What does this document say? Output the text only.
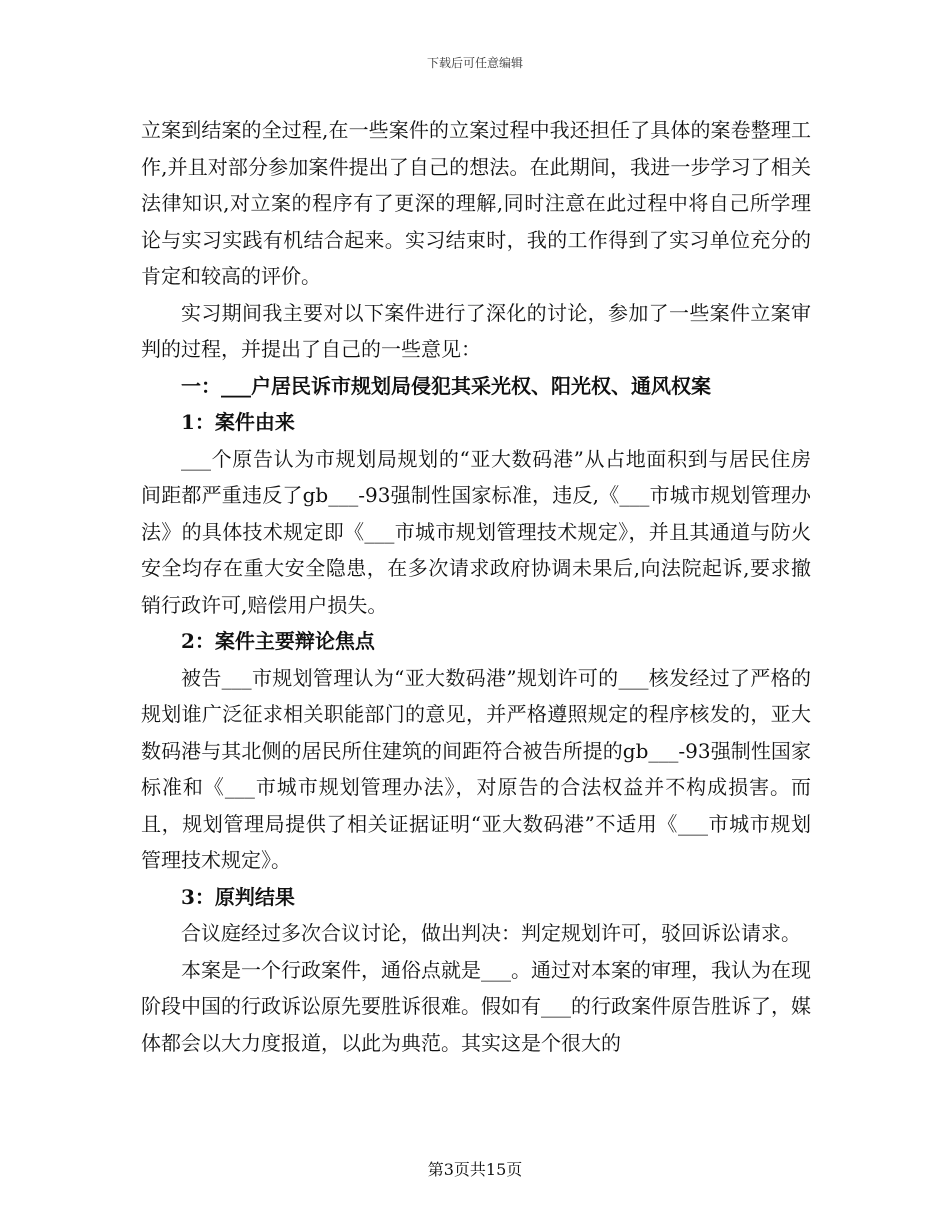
下载后可任意编辑

立案到结案的全过程,在一些案件的立案过程中我还担任了具体的案卷整理工作,并且对部分参加案件提出了自己的想法。在此期间，我进一步学习了相关法律知识,对立案的程序有了更深的理解,同时注意在此过程中将自己所学理论与实习实践有机结合起来。实习结束时，我的工作得到了实习单位充分的肯定和较高的评价。

实习期间我主要对以下案件进行了深化的讨论，参加了一些案件立案审判的过程，并提出了自己的一些意见：

一：___户居民诉市规划局侵犯其采光权、阳光权、通风权案

1：案件由来

___个原告认为市规划局规划的“亚大数码港”从占地面积到与居民住房间距都严重违反了gb___-93强制性国家标准，违反,《___市城市规划管理办法》的具体技术规定即《___市城市规划管理技术规定》，并且其通道与防火安全均存在重大安全隐患，在多次请求政府协调未果后,向法院起诉,要求撤销行政许可,赔偿用户损失。

2：案件主要辩论焦点

被告___市规划管理认为“亚大数码港”规划许可的___核发经过了严格的规划谁广泛征求相关职能部门的意见，并严格遵照规定的程序核发的，亚大数码港与其北侧的居民所住建筑的间距符合被告所提的gb___-93强制性国家标准和《___市城市规划管理办法》，对原告的合法权益并不构成损害。而且，规划管理局提供了相关证据证明“亚大数码港”不适用《___市城市规划管理技术规定》。

3：原判结果

合议庭经过多次合议讨论，做出判决：判定规划许可，驳回诉讼请求。

本案是一个行政案件，通俗点就是___。通过对本案的审理，我认为在现阶段中国的行政诉讼原先要胜诉很难。假如有___的行政案件原告胜诉了，媒体都会以大力度报道，以此为典范。其实这是个很大的

第3页共15页
